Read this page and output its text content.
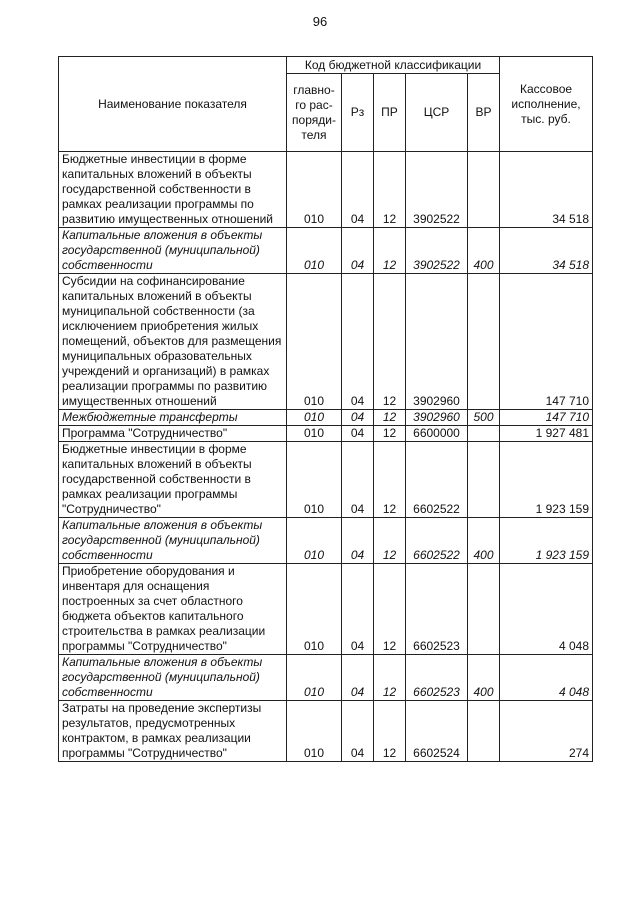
96
Наименование показателя	Код бюджетной классификации					Кассовое
исполнение,
тыс. руб.
	главно-
го рас-
поряди-
теля	Рз	ПР	ЦСР	ВР	
Бюджетные инвестиции в форме капитальных вложений в объекты государственной собственности в рамках реализации программы по развитию имущественных отношений	010	04	12	3902522		34 518
Капитальные вложения в объекты государственной (муниципальной) собственности	010	04	12	3902522	400	34 518
Субсидии на софинансирование капитальных вложений в объекты муниципальной собственности (за исключением приобретения жилых помещений, объектов для размещения муниципальных образовательных учреждений и организаций) в рамках реализации программы по развитию имущественных отношений	010	04	12	3902960		147 710
Межбюджетные трансферты	010	04	12	3902960	500	147 710
Программа "Сотрудничество"	010	04	12	6600000		1 927 481
Бюджетные инвестиции в форме капитальных вложений в объекты государственной собственности в рамках реализации программы "Сотрудничество"	010	04	12	6602522		1 923 159
Капитальные вложения в объекты государственной (муниципальной) собственности	010	04	12	6602522	400	1 923 159
Приобретение оборудования и инвентаря для оснащения построенных за счет областного бюджета объектов капитального строительства в рамках реализации программы "Сотрудничество"	010	04	12	6602523		4 048
Капитальные вложения в объекты государственной (муниципальной) собственности	010	04	12	6602523	400	4 048
Затраты на проведение экспертизы результатов, предусмотренных контрактом, в рамках реализации программы "Сотрудничество"	010	04	12	6602524		274
